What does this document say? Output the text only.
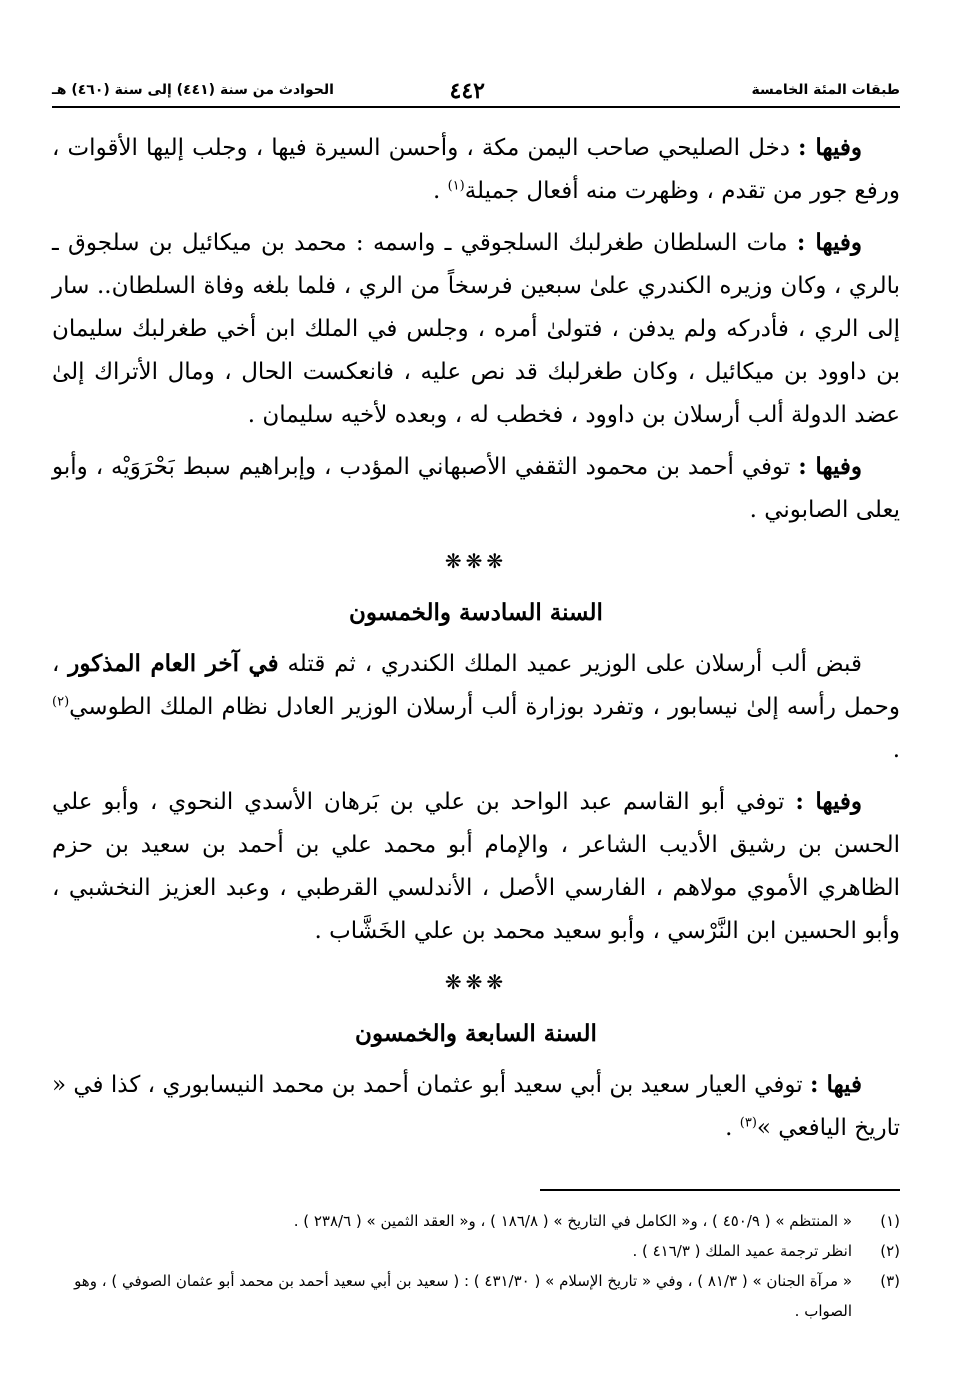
طبقات المئة الخامسة
٤٤٢
الحوادث من سنة (٤٤١) إلى سنة (٤٦٠) هـ

وفيها : دخل الصليحي صاحب اليمن مكة ، وأحسن السيرة فيها ، وجلب إليها الأقوات ، ورفع جور من تقدم ، وظهرت منه أفعال جميلة$^{(١)}$ .

وفيها : مات السلطان طغرلبك السلجوقي ـ واسمه : محمد بن ميكائيل بن سلجوق ـ بالري ، وكان وزيره الكندري علىٰ سبعين فرسخاً من الري ، فلما بلغه وفاة السلطان.. سار إلى الري ، فأدركه ولم يدفن ، فتولىٰ أمره ، وجلس في الملك ابن أخي طغرلبك سليمان بن داوود بن ميكائيل ، وكان طغرلبك قد نص عليه ، فانعكست الحال ، ومال الأتراك إلىٰ عضد الدولة ألب أرسلان بن داوود ، فخطب له ، وبعده لأخيه سليمان .

وفيها : توفي أحمد بن محمود الثقفي الأصبهاني المؤدب ، وإبراهيم سبط بَحْرَوَيْه ، وأبو يعلى الصابوني .

❋❋❋

السنة السادسة والخمسون

قبض ألب أرسلان على الوزير عميد الملك الكندري ، ثم قتله في آخر العام المذكور ، وحمل رأسه إلىٰ نيسابور ، وتفرد بوزارة ألب أرسلان الوزير العادل نظام الملك الطوسي$^{(٢)}$ .

وفيها : توفي أبو القاسم عبد الواحد بن علي بن بَرهان الأسدي النحوي ، وأبو علي الحسن بن رشيق الأديب الشاعر ، والإمام أبو محمد علي بن أحمد بن سعيد بن حزم الظاهري الأموي مولاهم ، الفارسي الأصل ، الأندلسي القرطبي ، وعبد العزيز النخشبي ، وأبو الحسين ابن النَّرْسي ، وأبو سعيد محمد بن علي الخَشَّاب .

❋❋❋

السنة السابعة والخمسون

فيها : توفي العيار سعيد بن أبي سعيد أبو عثمان أحمد بن محمد النيسابوري ، كذا في « تاريخ اليافعي »$^{(٣)}$ .

(١)
« المنتظم » ( ٤٥٠/٩ ) ، و« الكامل في التاريخ » ( ١٨٦/٨ ) ، و« العقد الثمين » ( ٢٣٨/٦ ) .
(٢)
انظر ترجمة عميد الملك ( ٤١٦/٣ ) .
(٣)
« مرآة الجنان » ( ٨١/٣ ) ، وفي « تاريخ الإسلام » ( ٤٣١/٣٠ ) : ( سعيد بن أبي سعيد أحمد بن محمد أبو عثمان الصوفي ) ، وهو الصواب .
